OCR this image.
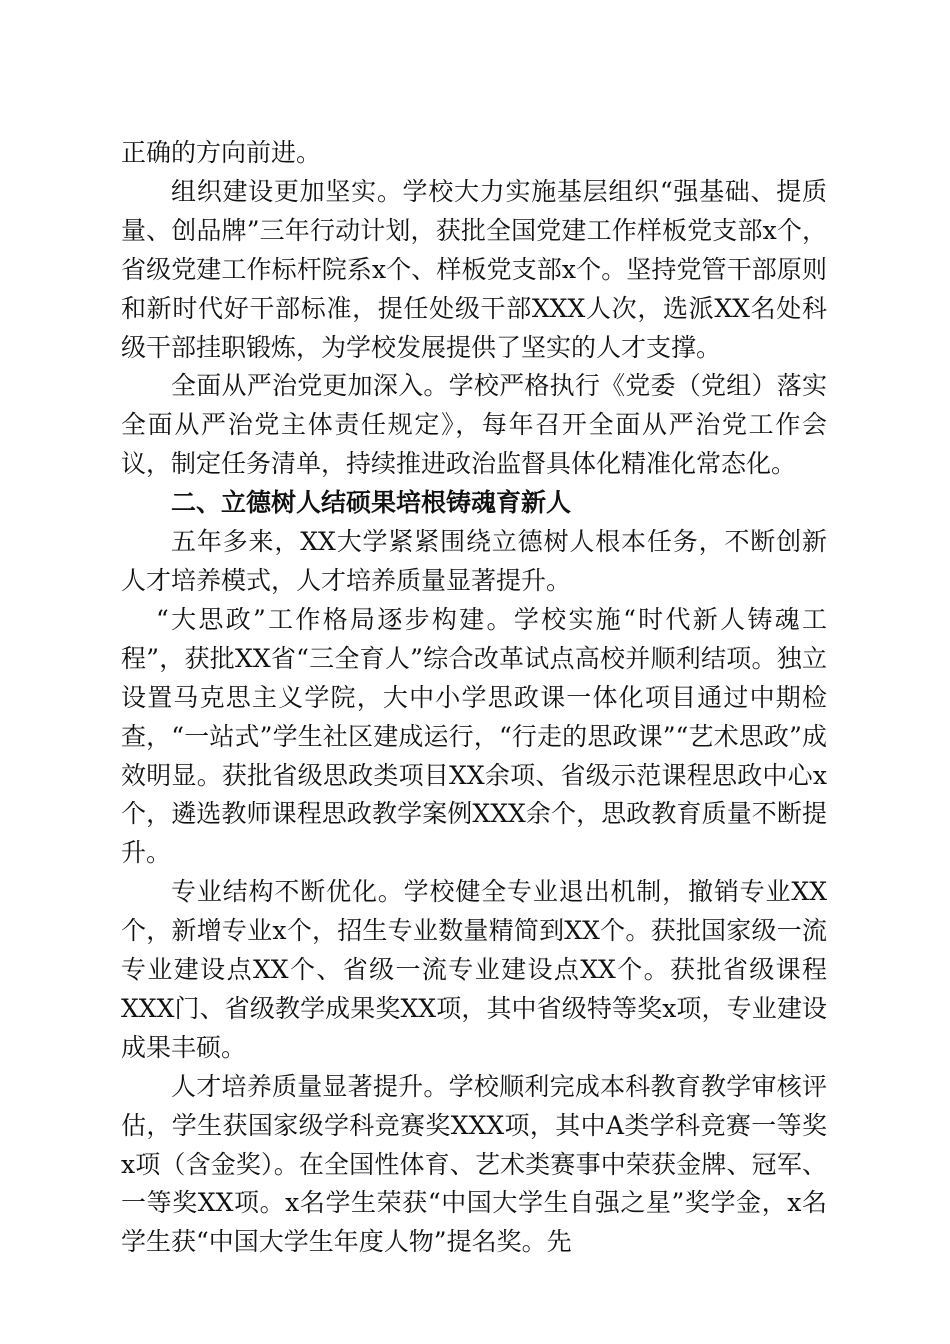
正确的方向前进。

组织建设更加坚实。学校大力实施基层组织“强基础、提质量、创品牌”三年行动计划，获批全国党建工作样板党支部x个，省级党建工作标杆院系x个、样板党支部x个。坚持党管干部原则和新时代好干部标准，提任处级干部XXX人次，选派XX名处科级干部挂职锻炼，为学校发展提供了坚实的人才支撑。

全面从严治党更加深入。学校严格执行《党委（党组）落实全面从严治党主体责任规定》，每年召开全面从严治党工作会议，制定任务清单，持续推进政治监督具体化精准化常态化。

二、立德树人结硕果培根铸魂育新人

五年多来，XX大学紧紧围绕立德树人根本任务，不断创新人才培养模式，人才培养质量显著提升。

“大思政”工作格局逐步构建。学校实施“时代新人铸魂工程”，获批XX省“三全育人”综合改革试点高校并顺利结项。独立设置马克思主义学院，大中小学思政课一体化项目通过中期检查，“一站式”学生社区建成运行，“行走的思政课”“艺术思政”成效明显。获批省级思政类项目XX余项、省级示范课程思政中心x个，遴选教师课程思政教学案例XXX余个，思政教育质量不断提升。

专业结构不断优化。学校健全专业退出机制，撤销专业XX个，新增专业x个，招生专业数量精简到XX个。获批国家级一流专业建设点XX个、省级一流专业建设点XX个。获批省级课程XXX门、省级教学成果奖XX项，其中省级特等奖x项，专业建设成果丰硕。

人才培养质量显著提升。学校顺利完成本科教育教学审核评估，学生获国家级学科竞赛奖XXX项，其中A类学科竞赛一等奖x项（含金奖）。在全国性体育、艺术类赛事中荣获金牌、冠军、一等奖XX项。x名学生荣获“中国大学生自强之星”奖学金，x名学生获“中国大学生年度人物”提名奖。先
